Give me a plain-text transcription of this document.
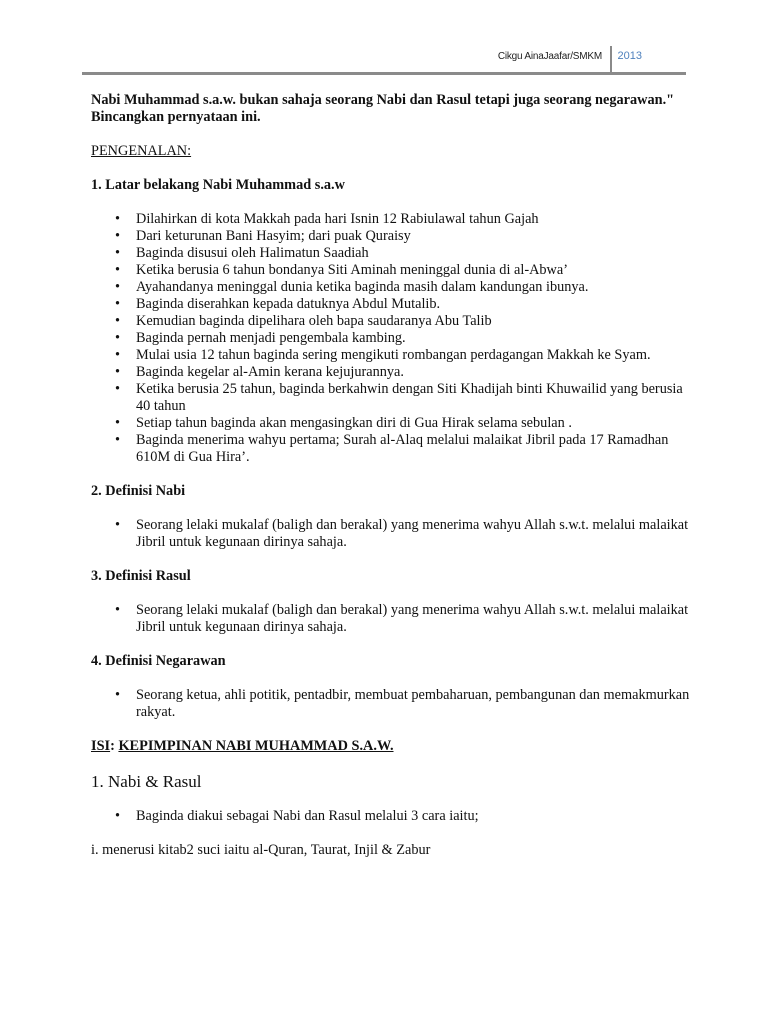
Cikgu AinaJaafar/SMKM 2013

Nabi Muhammad s.a.w. bukan sahaja seorang Nabi dan Rasul tetapi juga seorang negarawan." Bincangkan pernyataan ini.

PENGENALAN:

1. Latar belakang Nabi Muhammad s.a.w

• Dilahirkan di kota Makkah pada hari Isnin 12 Rabiulawal tahun Gajah
• Dari keturunan Bani Hasyim; dari puak Quraisy
• Baginda disusui oleh Halimatun Saadiah
• Ketika berusia 6 tahun bondanya Siti Aminah meninggal dunia di al-Abwa’
• Ayahandanya meninggal dunia ketika baginda masih dalam kandungan ibunya.
• Baginda diserahkan kepada datuknya Abdul Mutalib.
• Kemudian baginda dipelihara oleh bapa saudaranya Abu Talib
• Baginda pernah menjadi pengembala kambing.
• Mulai usia 12 tahun baginda sering mengikuti rombangan perdagangan Makkah ke Syam.
• Baginda kegelar al-Amin kerana kejujurannya.
• Ketika berusia 25 tahun, baginda berkahwin dengan Siti Khadijah binti Khuwailid yang berusia 40 tahun
• Setiap tahun baginda akan mengasingkan diri di Gua Hirak selama sebulan .
• Baginda menerima wahyu pertama; Surah al-Alaq melalui malaikat Jibril pada 17 Ramadhan 610M di Gua Hira’.

2. Definisi Nabi

• Seorang lelaki mukalaf (baligh dan berakal) yang menerima wahyu Allah s.w.t. melalui malaikat Jibril untuk kegunaan dirinya sahaja.

3. Definisi Rasul

• Seorang lelaki mukalaf (baligh dan berakal) yang menerima wahyu Allah s.w.t. melalui malaikat Jibril untuk kegunaan dirinya sahaja.

4. Definisi Negarawan

• Seorang ketua, ahli potitik, pentadbir, membuat pembaharuan, pembangunan dan memakmurkan rakyat.

ISI: KEPIMPINAN NABI MUHAMMAD S.A.W.

1. Nabi & Rasul

• Baginda diakui sebagai Nabi dan Rasul melalui 3 cara iaitu;

i. menerusi kitab2 suci iaitu al-Quran, Taurat, Injil & Zabur
